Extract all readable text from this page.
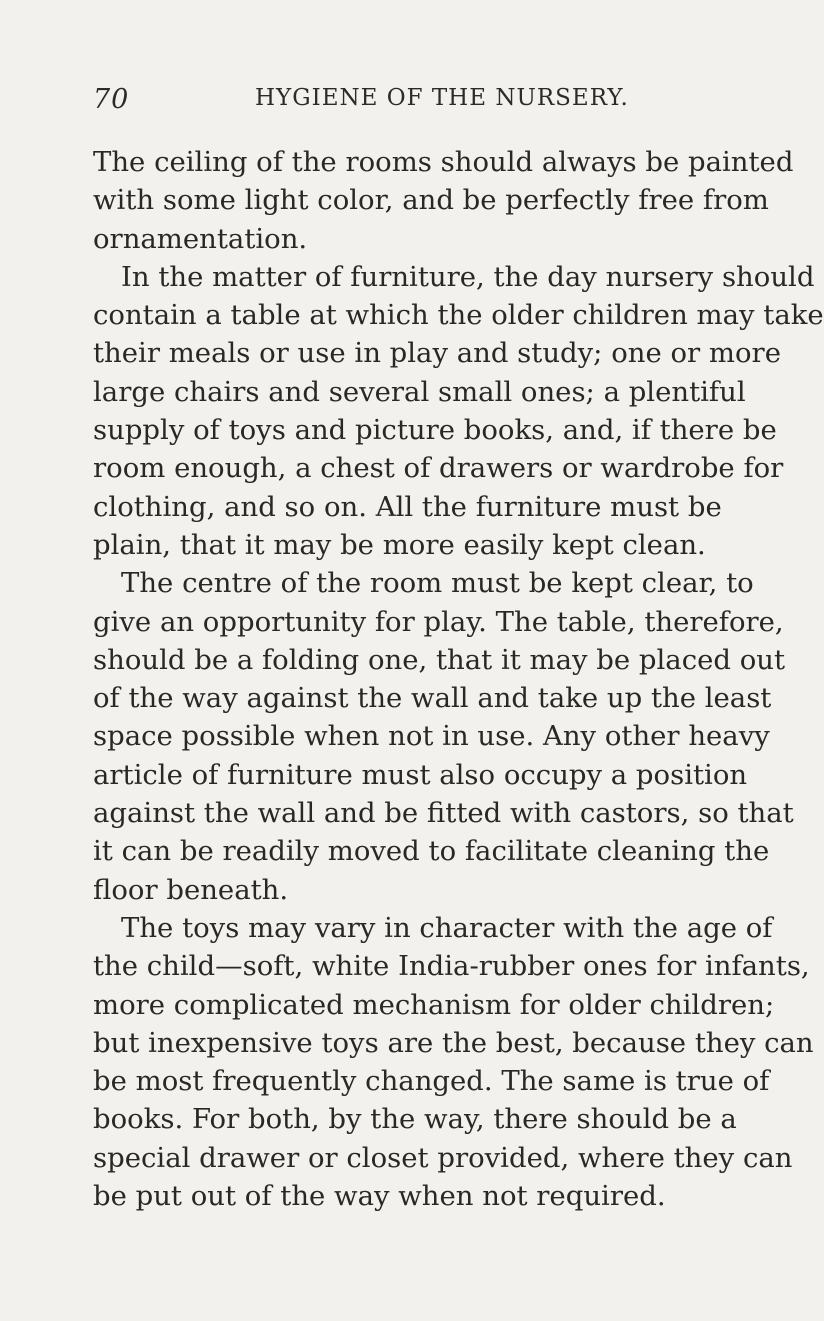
70	HYGIENE OF THE NURSERY.
The ceiling of the rooms should always be painted
with some light color, and be perfectly free from
ornamentation.
In the matter of furniture, the day nursery should
contain a table at which the older children may take
their meals or use in play and study; one or more
large chairs and several small ones; a plentiful
supply of toys and picture books, and, if there be
room enough, a chest of drawers or wardrobe for
clothing, and so on. All the furniture must be
plain, that it may be more easily kept clean.
The centre of the room must be kept clear, to
give an opportunity for play. The table, therefore,
should be a folding one, that it may be placed out
of the way against the wall and take up the least
space possible when not in use. Any other heavy
article of furniture must also occupy a position
against the wall and be fitted with castors, so that
it can be readily moved to facilitate cleaning the
floor beneath.
The toys may vary in character with the age of
the child—soft, white India-rubber ones for infants,
more complicated mechanism for older children;
but inexpensive toys are the best, because they can
be most frequently changed. The same is true of
books. For both, by the way, there should be a
special drawer or closet provided, where they can
be put out of the way when not required.
